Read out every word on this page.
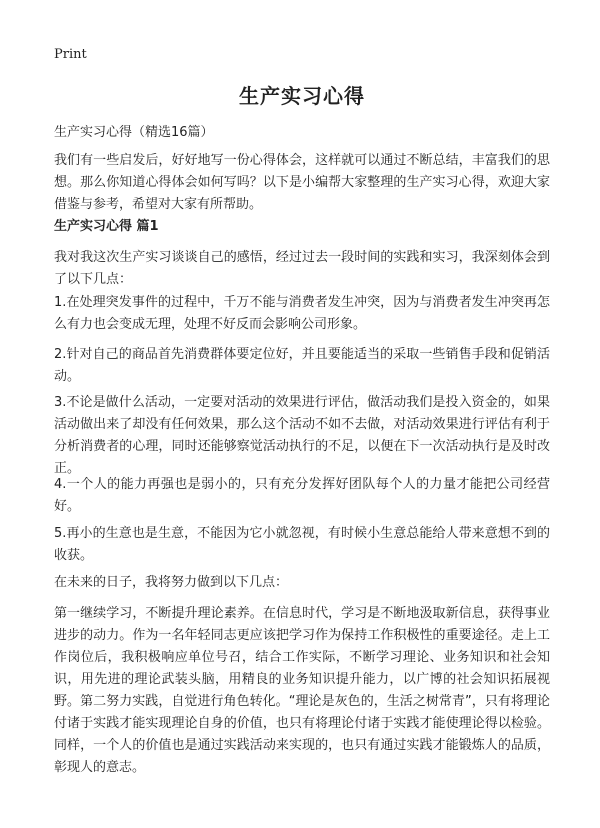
Print
生产实习心得

生产实习心得（精选16篇）

我们有一些启发后，好好地写一份心得体会，这样就可以通过不断总结，丰富我们的思想。那么你知道心得体会如何写吗？以下是小编帮大家整理的生产实习心得，欢迎大家借鉴与参考，希望对大家有所帮助。

生产实习心得 篇1

我对我这次生产实习谈谈自己的感悟，经过过去一段时间的实践和实习，我深刻体会到了以下几点：

1.在处理突发事件的过程中，千万不能与消费者发生冲突，因为与消费者发生冲突再怎么有力也会变成无理，处理不好反而会影响公司形象。

2.针对自己的商品首先消费群体要定位好，并且要能适当的采取一些销售手段和促销活动。

3.不论是做什么活动，一定要对活动的效果进行评估，做活动我们是投入资金的，如果活动做出来了却没有任何效果，那么这个活动不如不去做，对活动效果进行评估有利于分析消费者的心理，同时还能够察觉活动执行的不足，以便在下一次活动执行是及时改正。

4.一个人的能力再强也是弱小的，只有充分发挥好团队每个人的力量才能把公司经营好。

5.再小的生意也是生意，不能因为它小就忽视，有时候小生意总能给人带来意想不到的收获。

在未来的日子，我将努力做到以下几点：

第一继续学习，不断提升理论素养。在信息时代，学习是不断地汲取新信息，获得事业进步的动力。作为一名年轻同志更应该把学习作为保持工作积极性的重要途径。走上工作岗位后，我积极响应单位号召，结合工作实际，不断学习理论、业务知识和社会知识，用先进的理论武装头脑，用精良的业务知识提升能力，以广博的社会知识拓展视野。第二努力实践，自觉进行角色转化。“理论是灰色的，生活之树常青”，只有将理论付诸于实践才能实现理论自身的价值，也只有将理论付诸于实践才能使理论得以检验。同样，一个人的价值也是通过实践活动来实现的，也只有通过实践才能锻炼人的品质，彰现人的意志。
